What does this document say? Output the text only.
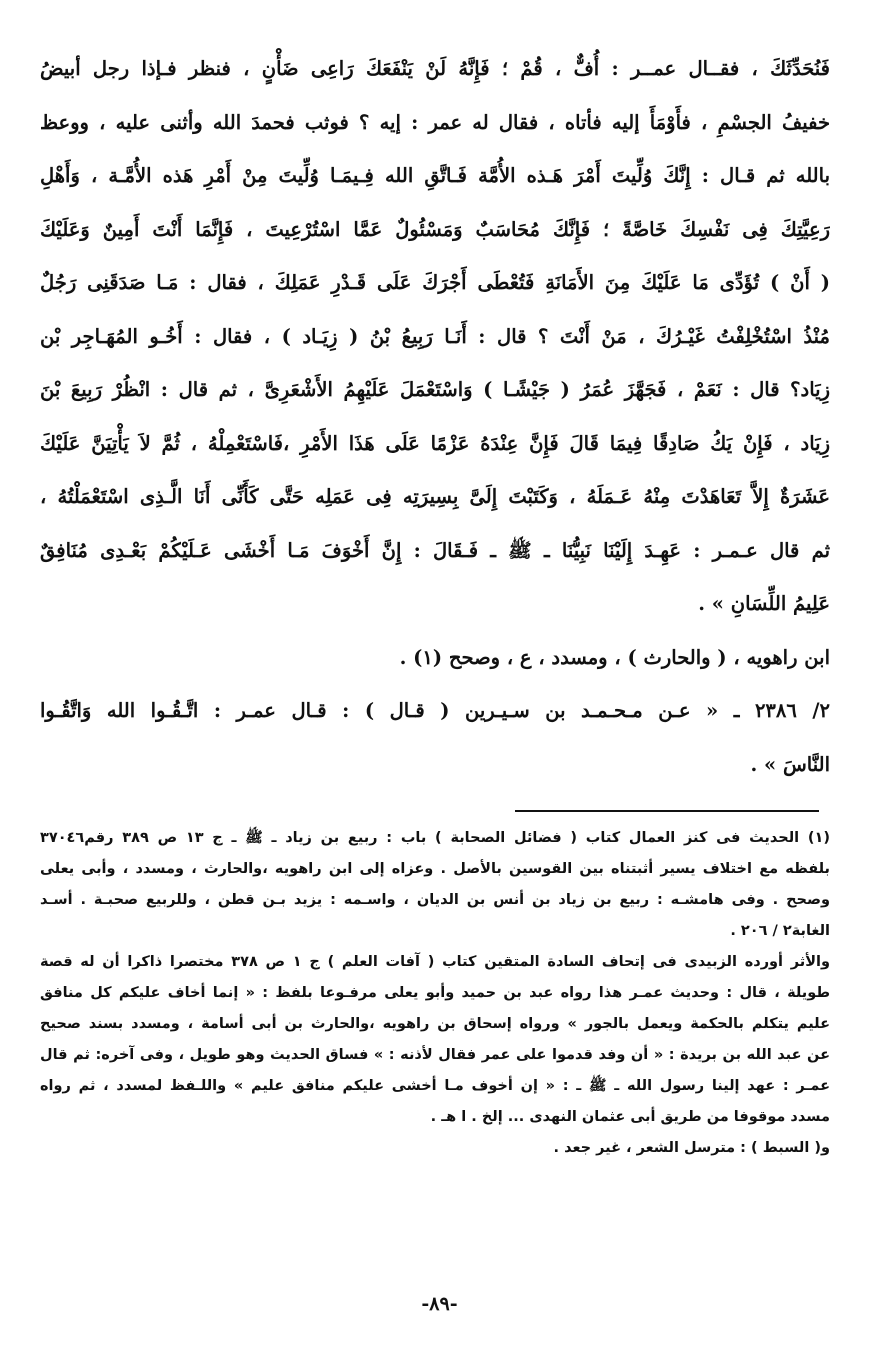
فَنُحَدِّثَكَ ، فقــال عمــر : أُفٌّ ، قُمْ ؛ فَإِنَّهُ لَنْ يَنْفَعَكَ رَاعِى ضَأْنٍ ، فنظر فـإذا رجل أبيضُ
خفيفُ الجسْمِ ، فأَوْمَأَ إليه فأتاه ، فقال له عمر : إيه ؟ فوثب فحمدَ الله وأثنى عليه ، ووعظ
بالله ثم قـال : إِنَّكَ وُلِّيتَ أَمْرَ هَـذه الأُمَّة فَـاتَّقِ الله فِـيمَـا وُلِّيتَ مِنْ أَمْرِ هَذه الأُمَّـة ، وَأَهْلِ
رَعِيَّتِكَ فِى نَفْسِكَ خَاصَّةً ؛ فَإِنَّكَ مُحَاسَبٌ وَمَسْئُولٌ عَمَّا اسْتُرْعِيتَ ، فَإِنَّمَا أَنْتَ أَمِينٌ وَعَلَيْكَ
( أَنْ ) تُؤَدِّى مَا عَلَيْكَ مِنَ الأَمَانَةِ فَتُعْطَى أَجْرَكَ عَلَى قَـدْرِ عَمَلِكَ ، فقال : مَـا صَدَقَنِى رَجُلٌ
مُنْذُ اسْتُخْلِفْتُ غَيْـرُكَ ، مَنْ أَنْتَ ؟ قال : أَنَـا رَبِيعُ بْنُ ( زِيَـاد ) ، فقال : أَخُـو المُهَـاجِر بْن
زِيَاد؟ قال : نَعَمْ ، فَجَهَّزَ عُمَرُ ( جَيْشًـا ) وَاسْتَعْمَلَ عَلَيْهِمُ الأَشْعَرِىَّ ، ثم قال : انْظُرْ رَبِيعَ بْنَ
زِيَاد ، فَإِنْ يَكُ صَادِقًا فِيمَا قَالَ فَإِنَّ عِنْدَهُ عَزْمًا عَلَى هَذَا الأَمْرِ ،فَاسْتَعْمِلْهُ ، ثُمَّ لاَ يَأْتِيَنَّ عَلَيْكَ
عَشَرَةٌ إِلاَّ تَعَاهَدْتَ مِنْهُ عَـمَلَهُ ، وَكَتَبْتَ إِلَىَّ بِسِيرَتِه فِى عَمَلِه حَتَّى كَأَنِّى أَنَا الَّـذِى اسْتَعْمَلْتُهُ ،
ثم قال عـمـر : عَهِـدَ إِلَيْنَا نَبِيُّنَا ـ ﷺ ـ فَـقَالَ : إِنَّ أَخْوَفَ مَـا أَخْشَى عَـلَيْكُمْ بَعْـدِى مُنَافِقٌ
عَلِيمُ اللِّسَانِ » .
ابن راهويه ، ( والحارث ) ، ومسدد ، ع ، وصحح (١) .
٢/ ٢٣٨٦ ـ « عـن مـحـمـد بن سـيـرين ( قـال ) : قـال عمـر : اتَّـقُـوا الله وَاتَّقُـوا
النَّاسَ » .
(١) الحديث فى كنز العمال كتاب ( فضائل الصحابة ) باب : ربيع بن زياد ـ ﷺ ـ ج ١٣ ص ٣٨٩ رقم٣٧٠٤٦
بلفظه مع اختلاف يسير أثبتناه بين القوسين بالأصل . وعزاه إلى ابن راهويه ،والحارث ، ومسدد ، وأبى يعلى
وصحح . وفى هامشـه : ربيع بن زياد بن أنس بن الديان ، واسـمه : يزيد بـن قطن ، وللربيع صحبـة . أسـد
الغابة٢ / ٢٠٦ .
والأثر أورده الزبيدى فى إتحاف السادة المتقين كتاب ( آفات العلم ) ج ١ ص ٣٧٨ مختصرا ذاكرا أن له قصة
طويلة ، قال : وحديث عمـر هذا رواه عبد بن حميد وأبو يعلى مرفـوعا بلفظ : « إنما أخاف عليكم كل منافق
عليم يتكلم بالحكمة ويعمل بالجور » ورواه إسحاق بن راهويه ،والحارث بن أبى أسامة ، ومسدد بسند صحيح
عن عبد الله بن بريدة : « أن وفد قدموا على عمر فقال لأذنه : » فساق الحديث وهو طويل ، وفى آخره: ثم قال
عمـر : عهد إلينا رسول الله ـ ﷺ ـ : « إن أخوف مـا أخشى عليكم منافق عليم » واللـفظ لمسدد ، ثم رواه
مسدد موقوفا من طريق أبى عثمان النهدى ... إلخ . ا هـ .
و( السبط ) : مترسل الشعر ، غير جعد .
-٨٩-
